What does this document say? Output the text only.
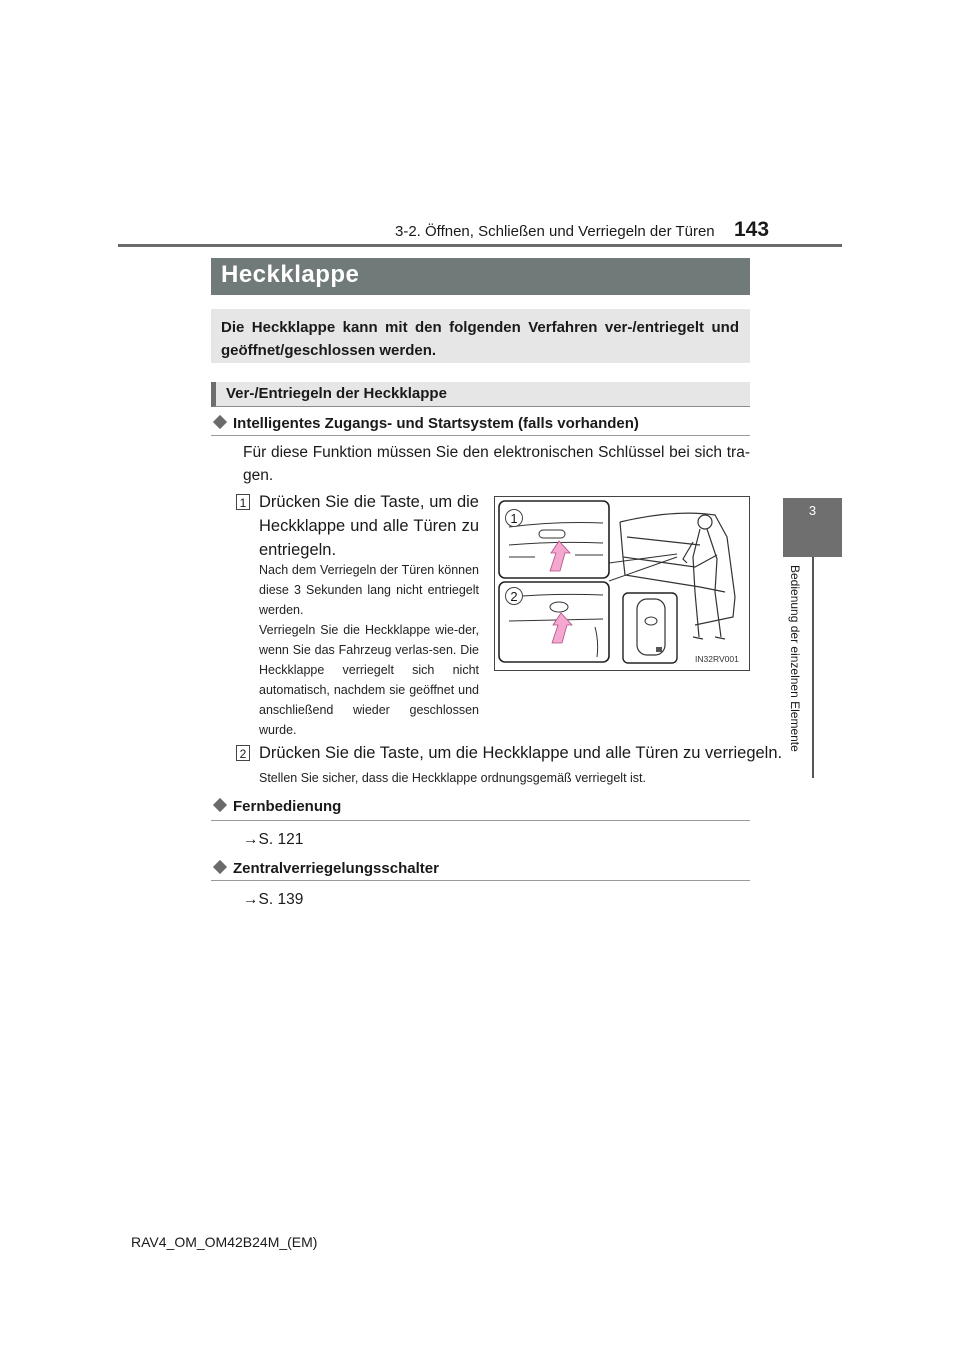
3-2. Öffnen, Schließen und Verriegeln der Türen 143
3
Bedienung der einzelnen Elemente
Heckklappe

Die Heckklappe kann mit den folgenden Verfahren ver-/entriegelt und geöffnet/geschlossen werden.

Ver-/Entriegeln der Heckklappe
Intelligentes Zugangs- und Startsystem (falls vorhanden)
Für diese Funktion müssen Sie den elektronischen Schlüssel bei sich tra-gen.
1 Drücken Sie die Taste, um die Heckklappe und alle Türen zu entriegeln.
Nach dem Verriegeln der Türen können diese 3 Sekunden lang nicht entriegelt werden.
Verriegeln Sie die Heckklappe wie-der, wenn Sie das Fahrzeug verlas-sen. Die Heckklappe verriegelt sich nicht automatisch, nachdem sie geöffnet und anschließend wieder geschlossen wurde.
1
2
IN32RV001
2 Drücken Sie die Taste, um die Heckklappe und alle Türen zu verriegeln.
Stellen Sie sicher, dass die Heckklappe ordnungsgemäß verriegelt ist.
Fernbedienung
→S. 121
Zentralverriegelungsschalter
→S. 139
RAV4_OM_OM42B24M_(EM)
